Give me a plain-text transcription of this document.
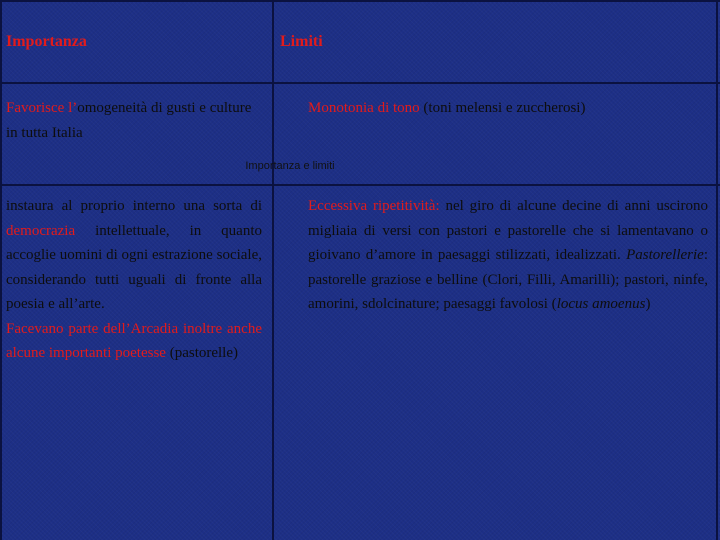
Importanza	Limiti
Favorisce l’omogeneità di gusti e culture in tutta Italia
Monotonia di tono (toni melensi e zuccherosi)
Importanza e limiti
instaura al proprio interno una sorta di democrazia intellettuale, in quanto accoglie uomini di ogni estrazione sociale, considerando tutti uguali di fronte alla poesia e all’arte.
Facevano parte dell’Arcadia inoltre anche alcune importanti poetesse (pastorelle)
Eccessiva ripetitività: nel giro di alcune decine di anni uscirono migliaia di versi con pastori e pastorelle che si lamentavano o gioivano d’amore in paesaggi stilizzati, idealizzati. Pastorellerie: pastorelle graziose e belline (Clori, Filli, Amarilli); pastori, ninfe, amorini, sdolcinature; paesaggi favolosi (locus amoenus)
